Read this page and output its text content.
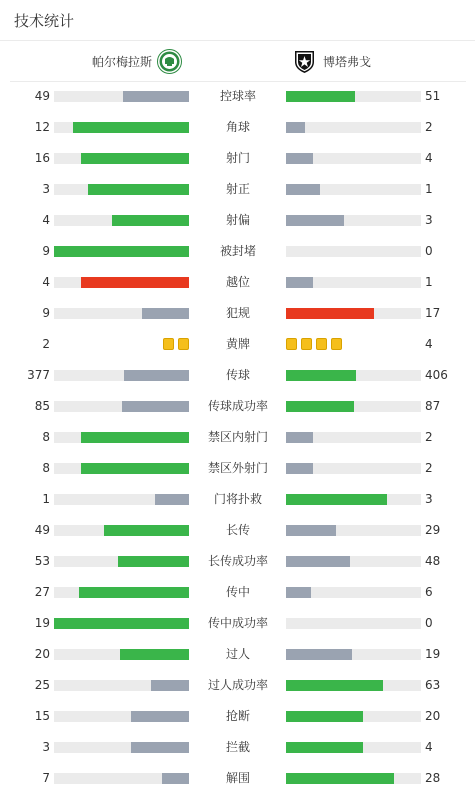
技术统计
帕尔梅拉斯	博塔弗戈
49	控球率	51
12	角球	2
16	射门	4
3	射正	1
4	射偏	3
9	被封堵	0
4	越位	1
9	犯规	17
2	黄牌	4
377	传球	406
85	传球成功率	87
8	禁区内射门	2
8	禁区外射门	2
1	门将扑救	3
49	长传	29
53	长传成功率	48
27	传中	6
19	传中成功率	0
20	过人	19
25	过人成功率	63
15	抢断	20
3	拦截	4
7	解围	28
